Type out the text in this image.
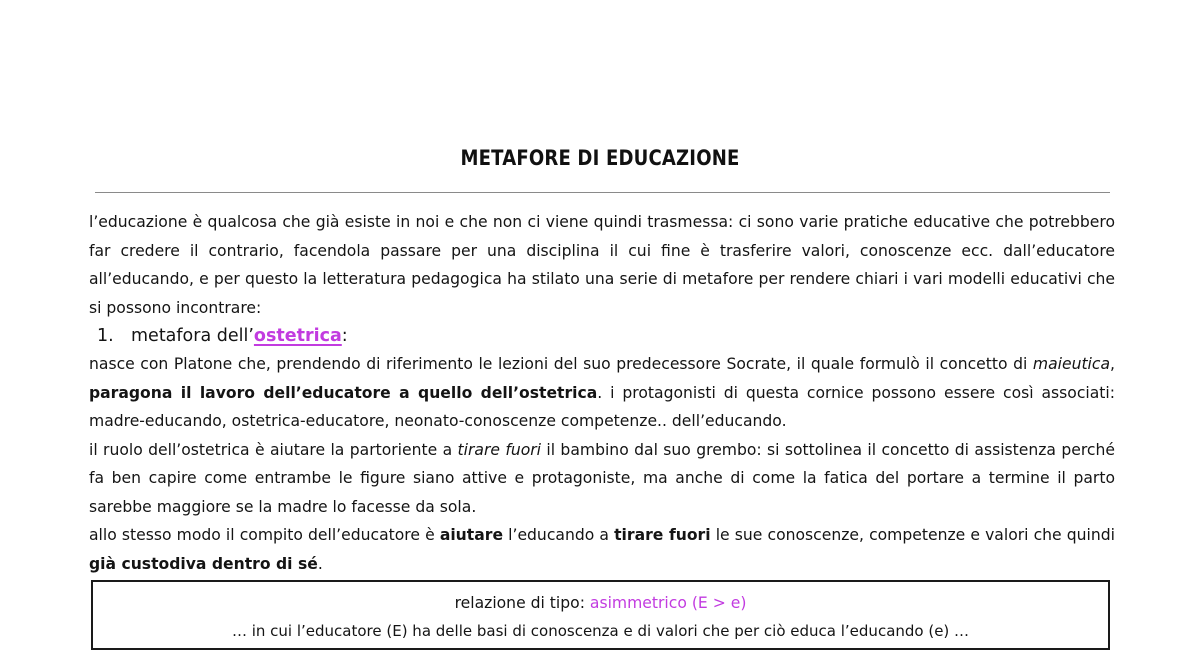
METAFORE DI EDUCAZIONE

l’educazione è qualcosa che già esiste in noi e che non ci viene quindi trasmessa: ci sono varie pratiche educative che potrebbero far credere il contrario, facendola passare per una disciplina il cui fine è trasferire valori, conoscenze ecc. dall’educatore all’educando, e per questo la letteratura pedagogica ha stilato una serie di metafore per rendere chiari i vari modelli educativi che si possono incontrare:

1. metafora dell’ostetrica:

nasce con Platone che, prendendo di riferimento le lezioni del suo predecessore Socrate, il quale formulò il concetto di maieutica, paragona il lavoro dell’educatore a quello dell’ostetrica. i protagonisti di questa cornice possono essere così associati: madre-educando, ostetrica-educatore, neonato-conoscenze competenze.. dell’educando.

il ruolo dell’ostetrica è aiutare la partoriente a tirare fuori il bambino dal suo grembo: si sottolinea il concetto di assistenza perché fa ben capire come entrambe le figure siano attive e protagoniste, ma anche di come la fatica del portare a termine il parto sarebbe maggiore se la madre lo facesse da sola.

allo stesso modo il compito dell’educatore è aiutare l’educando a tirare fuori le sue conoscenze, competenze e valori che quindi già custodiva dentro di sé.

relazione di tipo: asimmetrico (E > e)
… in cui l’educatore (E) ha delle basi di conoscenza e di valori che per ciò educa l’educando (e) …
